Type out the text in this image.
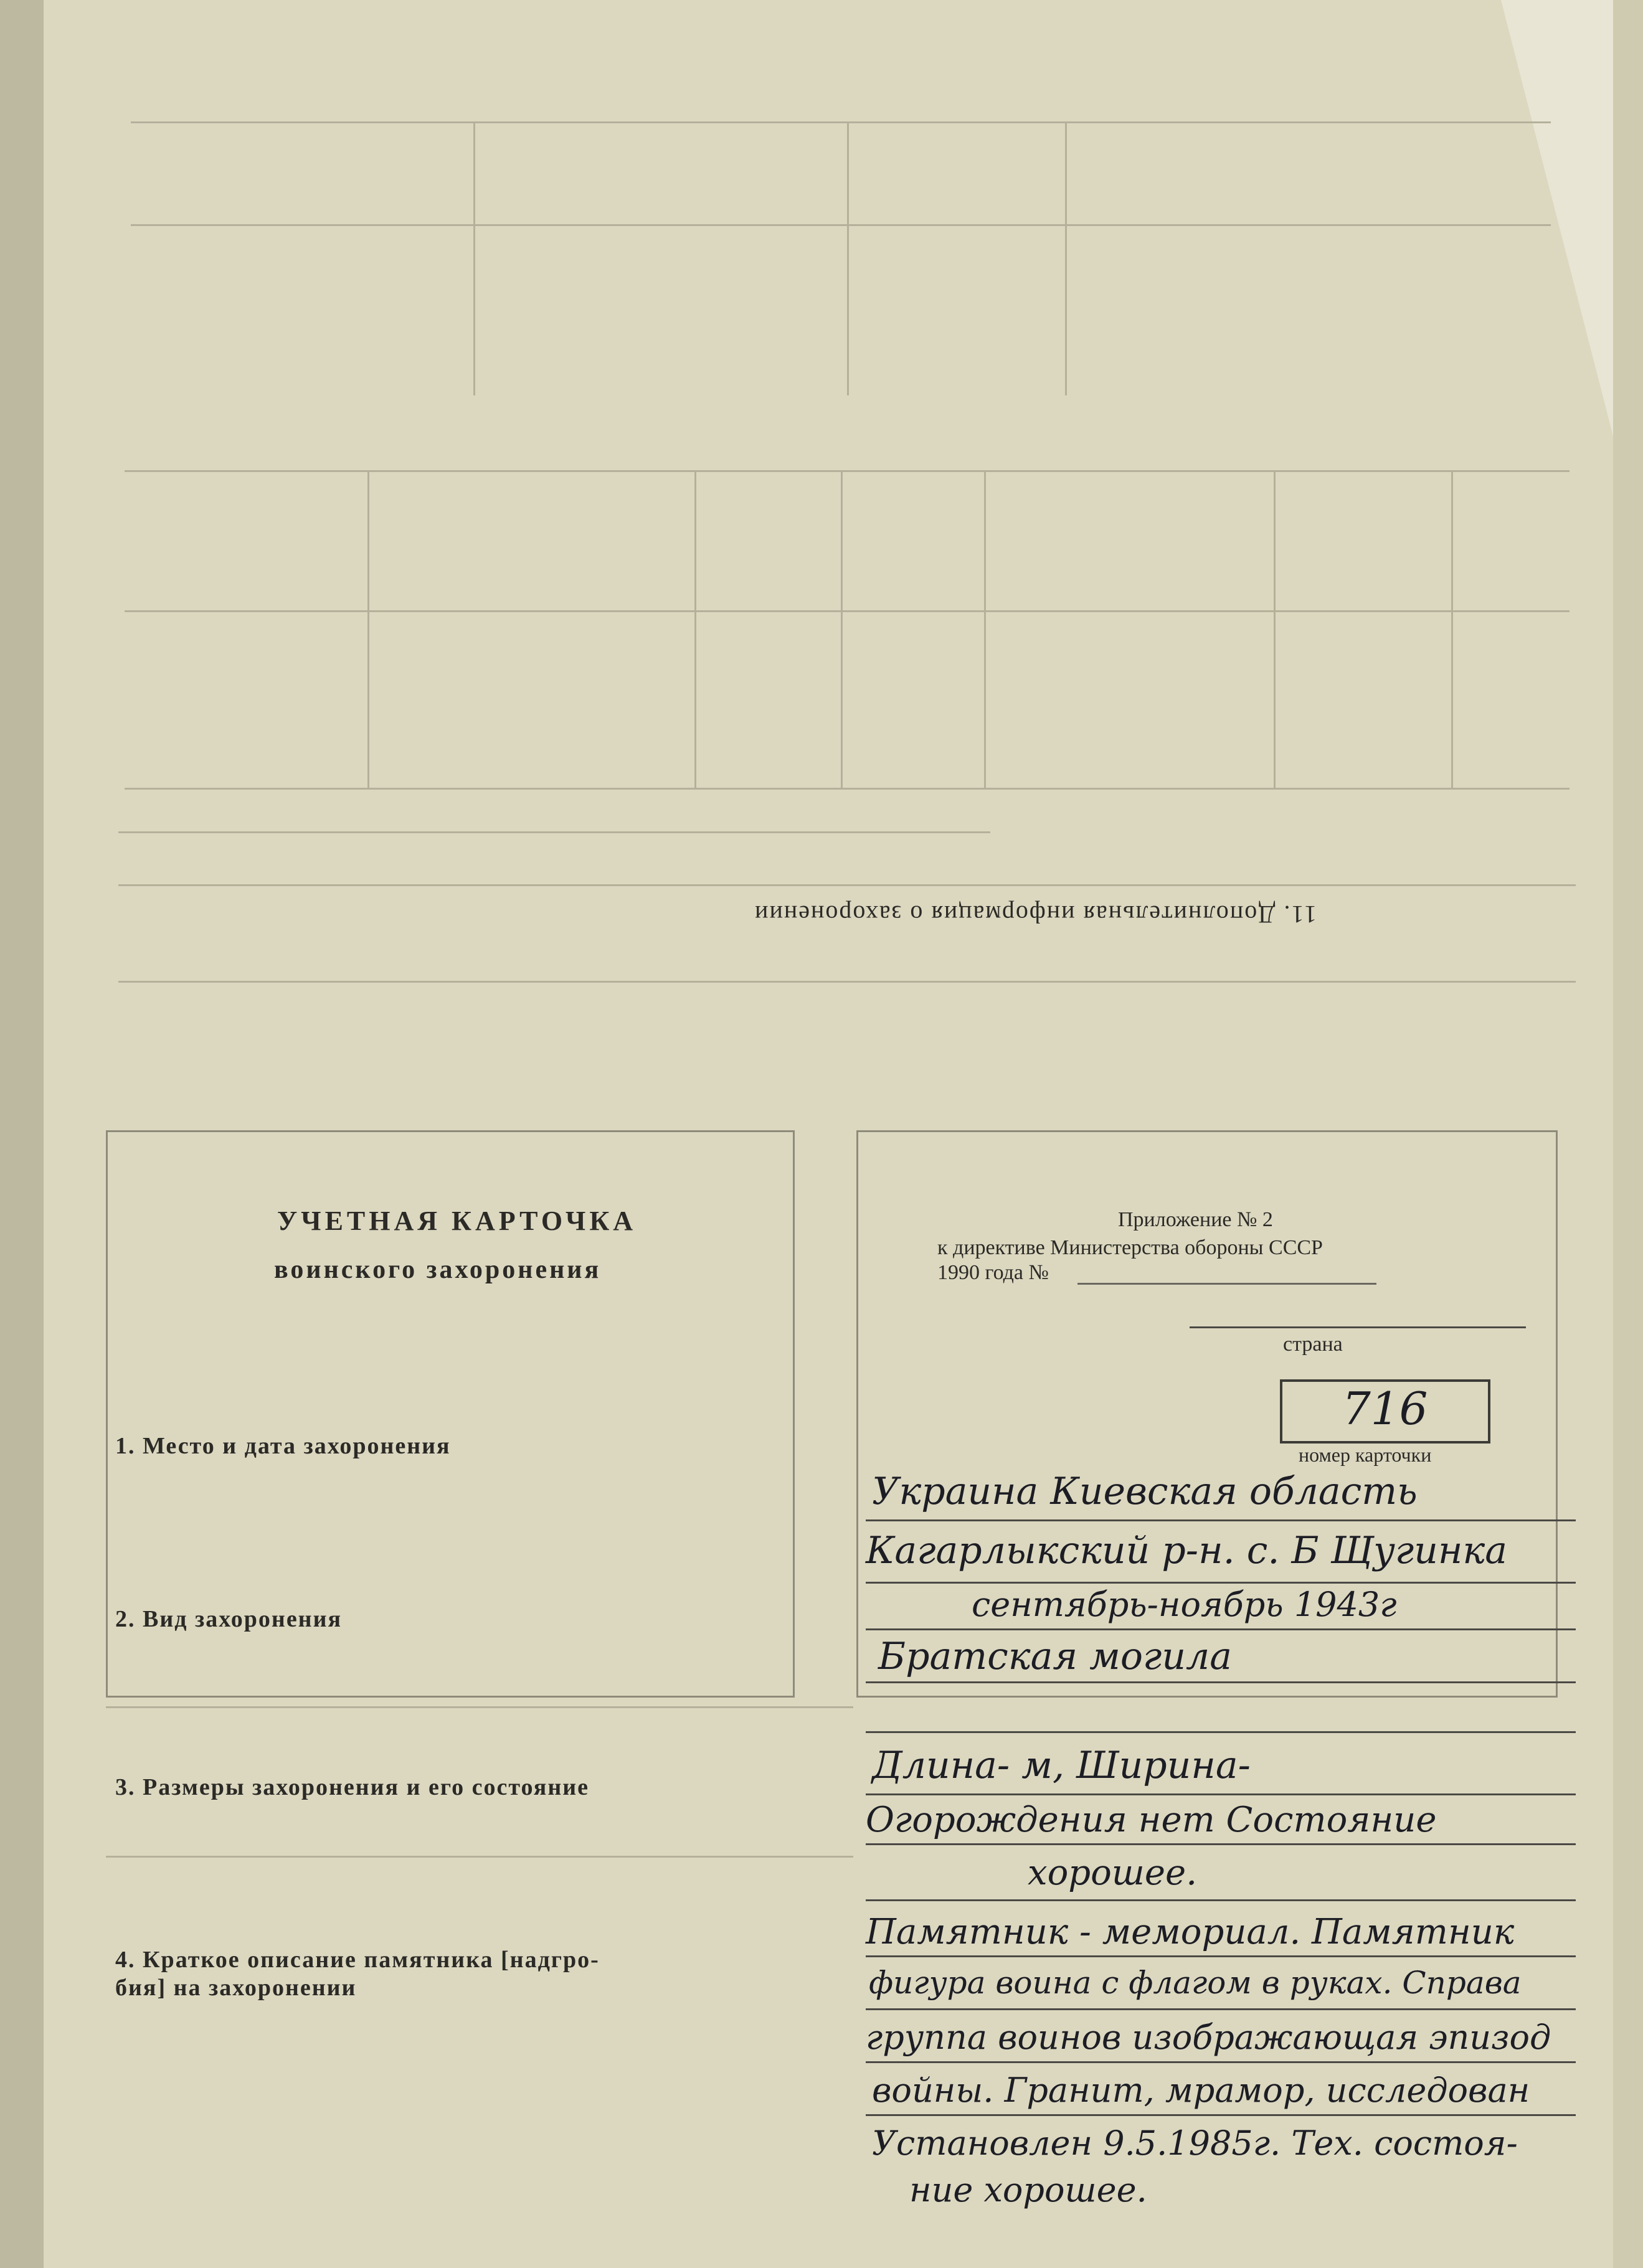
11. Дополнительная информация о захоронении
УЧЕТНАЯ КАРТОЧКА
воинского захоронения
Приложение № 2
к директиве Министерства обороны СССР
1990 года №
страна
716
номер карточки
1. Место и дата захоронения
2. Вид захоронения
3. Размеры захоронения и его состояние
4. Краткое описание памятника [надгро-
бия] на захоронении
Украина Киевская область
Кагарлыкский р-н. с. Б Щугинка
сентябрь-ноябрь 1943г
Братская могила
Длина- м, Ширина-
Огорождения нет Состояние
хорошее.
Памятник - мемориал. Памятник
фигура воина с флагом в руках. Справа
группа воинов изображающая эпизод
войны. Гранит, мрамор, исследован
Установлен 9.5.1985г. Тех. состоя-
ние хорошее.
